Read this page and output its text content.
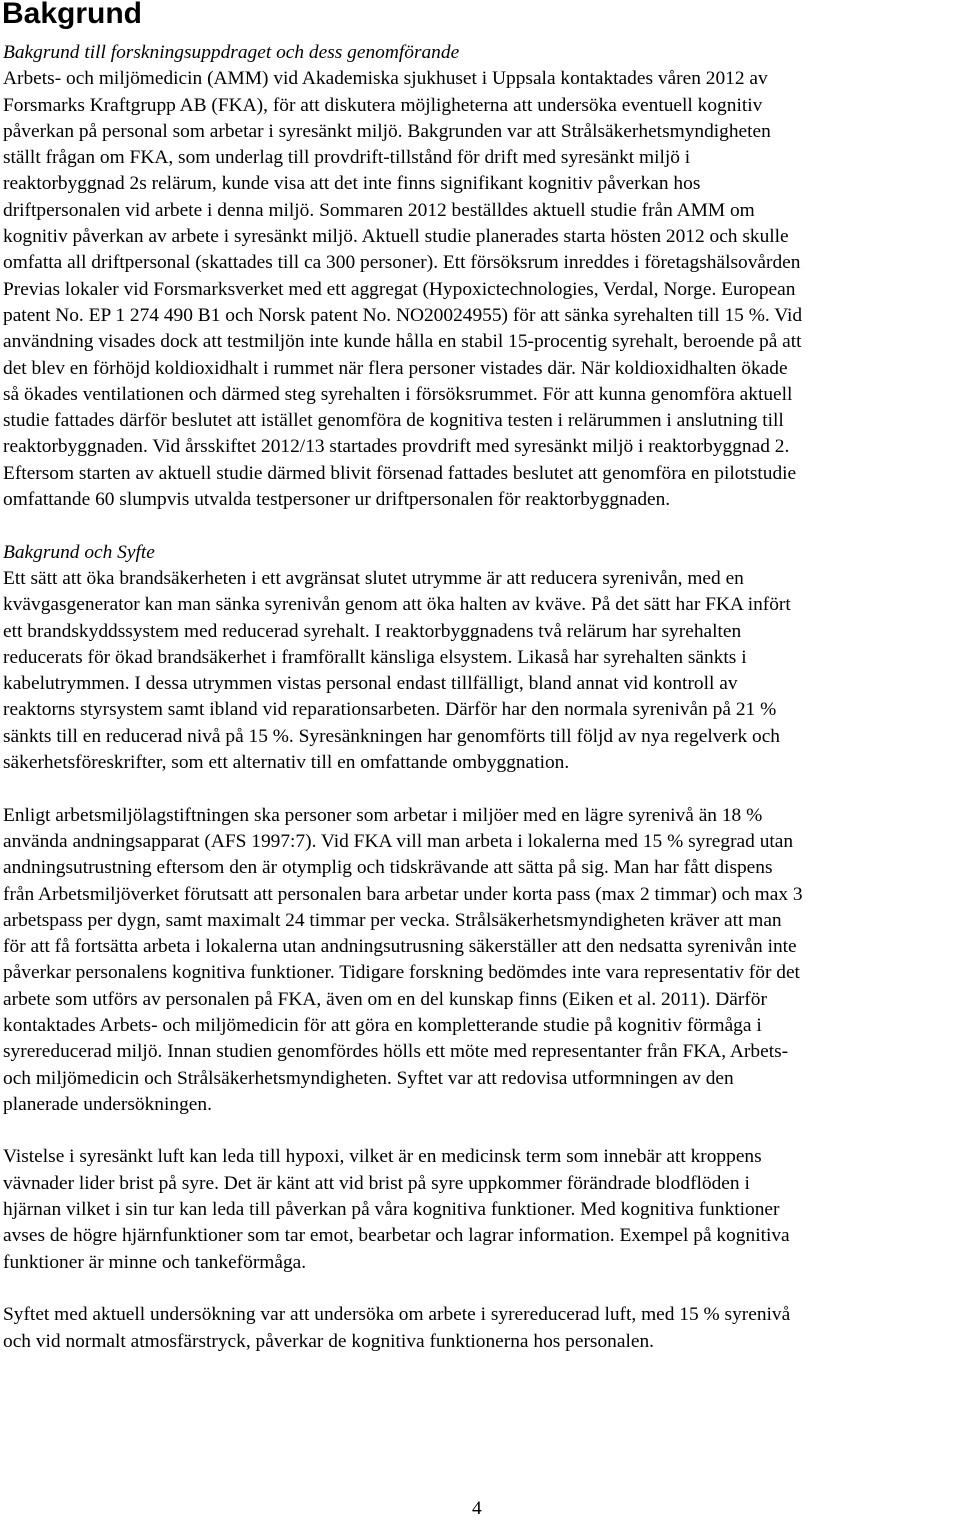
Bakgrund

Bakgrund till forskningsuppdraget och dess genomförande

Arbets- och miljömedicin (AMM) vid Akademiska sjukhuset i Uppsala kontaktades våren 2012 av
Forsmarks Kraftgrupp AB (FKA), för att diskutera möjligheterna att undersöka eventuell kognitiv
påverkan på personal som arbetar i syresänkt miljö. Bakgrunden var att Strålsäkerhetsmyndigheten
ställt frågan om FKA, som underlag till provdrift-tillstånd för drift med syresänkt miljö i
reaktorbyggnad 2s relärum, kunde visa att det inte finns signifikant kognitiv påverkan hos
driftpersonalen vid arbete i denna miljö. Sommaren 2012 beställdes aktuell studie från AMM om
kognitiv påverkan av arbete i syresänkt miljö. Aktuell studie planerades starta hösten 2012 och skulle
omfatta all driftpersonal (skattades till ca 300 personer). Ett försöksrum inreddes i företagshälsovården
Previas lokaler vid Forsmarksverket med ett aggregat (Hypoxictechnologies, Verdal, Norge. European
patent No. EP 1 274 490 B1 och Norsk patent No. NO20024955) för att sänka syrehalten till 15 %. Vid
användning visades dock att testmiljön inte kunde hålla en stabil 15-procentig syrehalt, beroende på att
det blev en förhöjd koldioxidhalt i rummet när flera personer vistades där. När koldioxidhalten ökade
så ökades ventilationen och därmed steg syrehalten i försöksrummet. För att kunna genomföra aktuell
studie fattades därför beslutet att istället genomföra de kognitiva testen i relärummen i anslutning till
reaktorbyggnaden. Vid årsskiftet 2012/13 startades provdrift med syresänkt miljö i reaktorbyggnad 2.
Eftersom starten av aktuell studie därmed blivit försenad fattades beslutet att genomföra en pilotstudie
omfattande 60 slumpvis utvalda testpersoner ur driftpersonalen för reaktorbyggnaden.

Bakgrund och Syfte

Ett sätt att öka brandsäkerheten i ett avgränsat slutet utrymme är att reducera syrenivån, med en
kvävgasgenerator kan man sänka syrenivån genom att öka halten av kväve. På det sätt har FKA infört
ett brandskyddssystem med reducerad syrehalt. I reaktorbyggnadens två relärum har syrehalten
reducerats för ökad brandsäkerhet i framförallt känsliga elsystem. Likaså har syrehalten sänkts i
kabelutrymmen. I dessa utrymmen vistas personal endast tillfälligt, bland annat vid kontroll av
reaktorns styrsystem samt ibland vid reparationsarbeten. Därför har den normala syrenivån på 21 %
sänkts till en reducerad nivå på 15 %. Syresänkningen har genomförts till följd av nya regelverk och
säkerhetsföreskrifter, som ett alternativ till en omfattande ombyggnation.
Enligt arbetsmiljölagstiftningen ska personer som arbetar i miljöer med en lägre syrenivå än 18 %
använda andningsapparat (AFS 1997:7). Vid FKA vill man arbeta i lokalerna med 15 % syregrad utan
andningsutrustning eftersom den är otymplig och tidskrävande att sätta på sig. Man har fått dispens
från Arbetsmiljöverket förutsatt att personalen bara arbetar under korta pass (max 2 timmar) och max 3
arbetspass per dygn, samt maximalt 24 timmar per vecka. Strålsäkerhetsmyndigheten kräver att man
för att få fortsätta arbeta i lokalerna utan andningsutrusning säkerställer att den nedsatta syrenivån inte
påverkar personalens kognitiva funktioner. Tidigare forskning bedömdes inte vara representativ för det
arbete som utförs av personalen på FKA, även om en del kunskap finns (Eiken et al. 2011). Därför
kontaktades Arbets- och miljömedicin för att göra en kompletterande studie på kognitiv förmåga i
syrereducerad miljö. Innan studien genomfördes hölls ett möte med representanter från FKA, Arbets-
och miljömedicin och Strålsäkerhetsmyndigheten. Syftet var att redovisa utformningen av den
planerade undersökningen.
Vistelse i syresänkt luft kan leda till hypoxi, vilket är en medicinsk term som innebär att kroppens
vävnader lider brist på syre. Det är känt att vid brist på syre uppkommer förändrade blodflöden i
hjärnan vilket i sin tur kan leda till påverkan på våra kognitiva funktioner. Med kognitiva funktioner
avses de högre hjärnfunktioner som tar emot, bearbetar och lagrar information. Exempel på kognitiva
funktioner är minne och tankeförmåga.
Syftet med aktuell undersökning var att undersöka om arbete i syrereducerad luft, med 15 % syrenivå
och vid normalt atmosfärstryck, påverkar de kognitiva funktionerna hos personalen.
4
